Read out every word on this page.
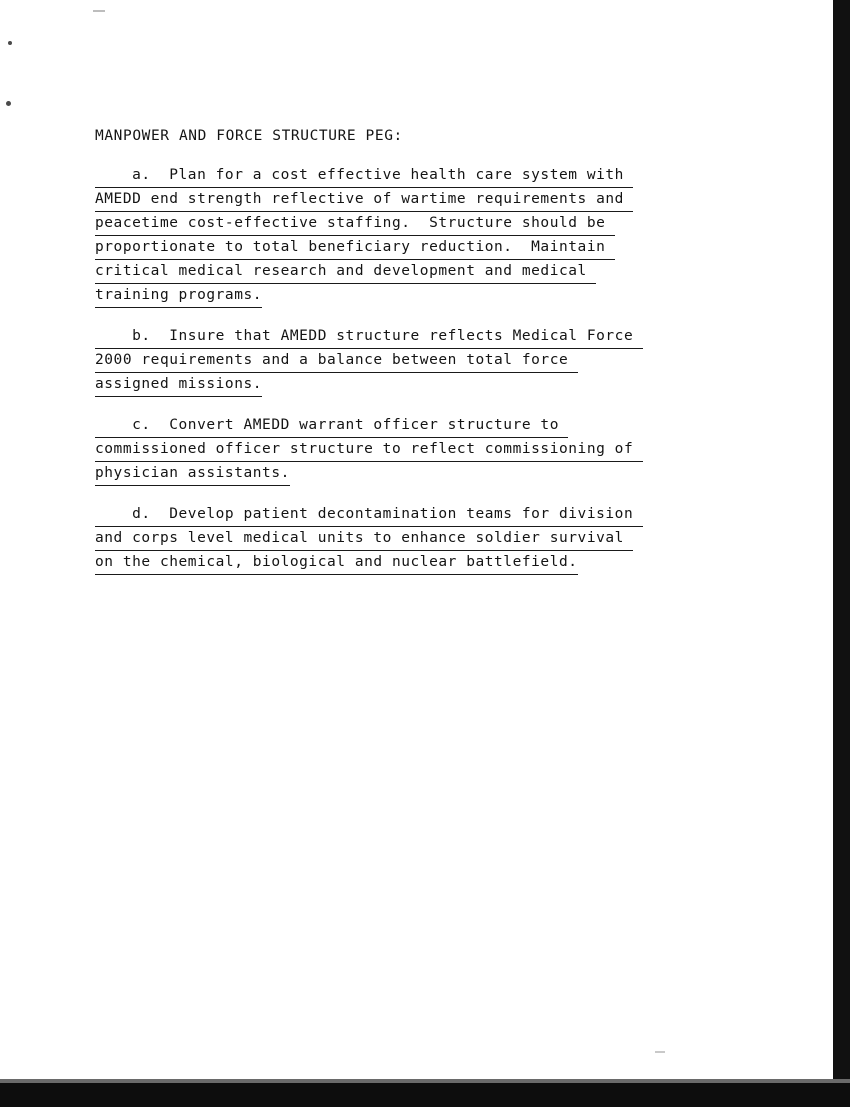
MANPOWER AND FORCE STRUCTURE PEG:
a.  Plan for a cost effective health care system with
AMEDD end strength reflective of wartime requirements and
peacetime cost-effective staffing.  Structure should be
proportionate to total beneficiary reduction.  Maintain
critical medical research and development and medical
training programs.
b.  Insure that AMEDD structure reflects Medical Force
2000 requirements and a balance between total force
assigned missions.
c.  Convert AMEDD warrant officer structure to
commissioned officer structure to reflect commissioning of
physician assistants.
d.  Develop patient decontamination teams for division
and corps level medical units to enhance soldier survival
on the chemical, biological and nuclear battlefield.
